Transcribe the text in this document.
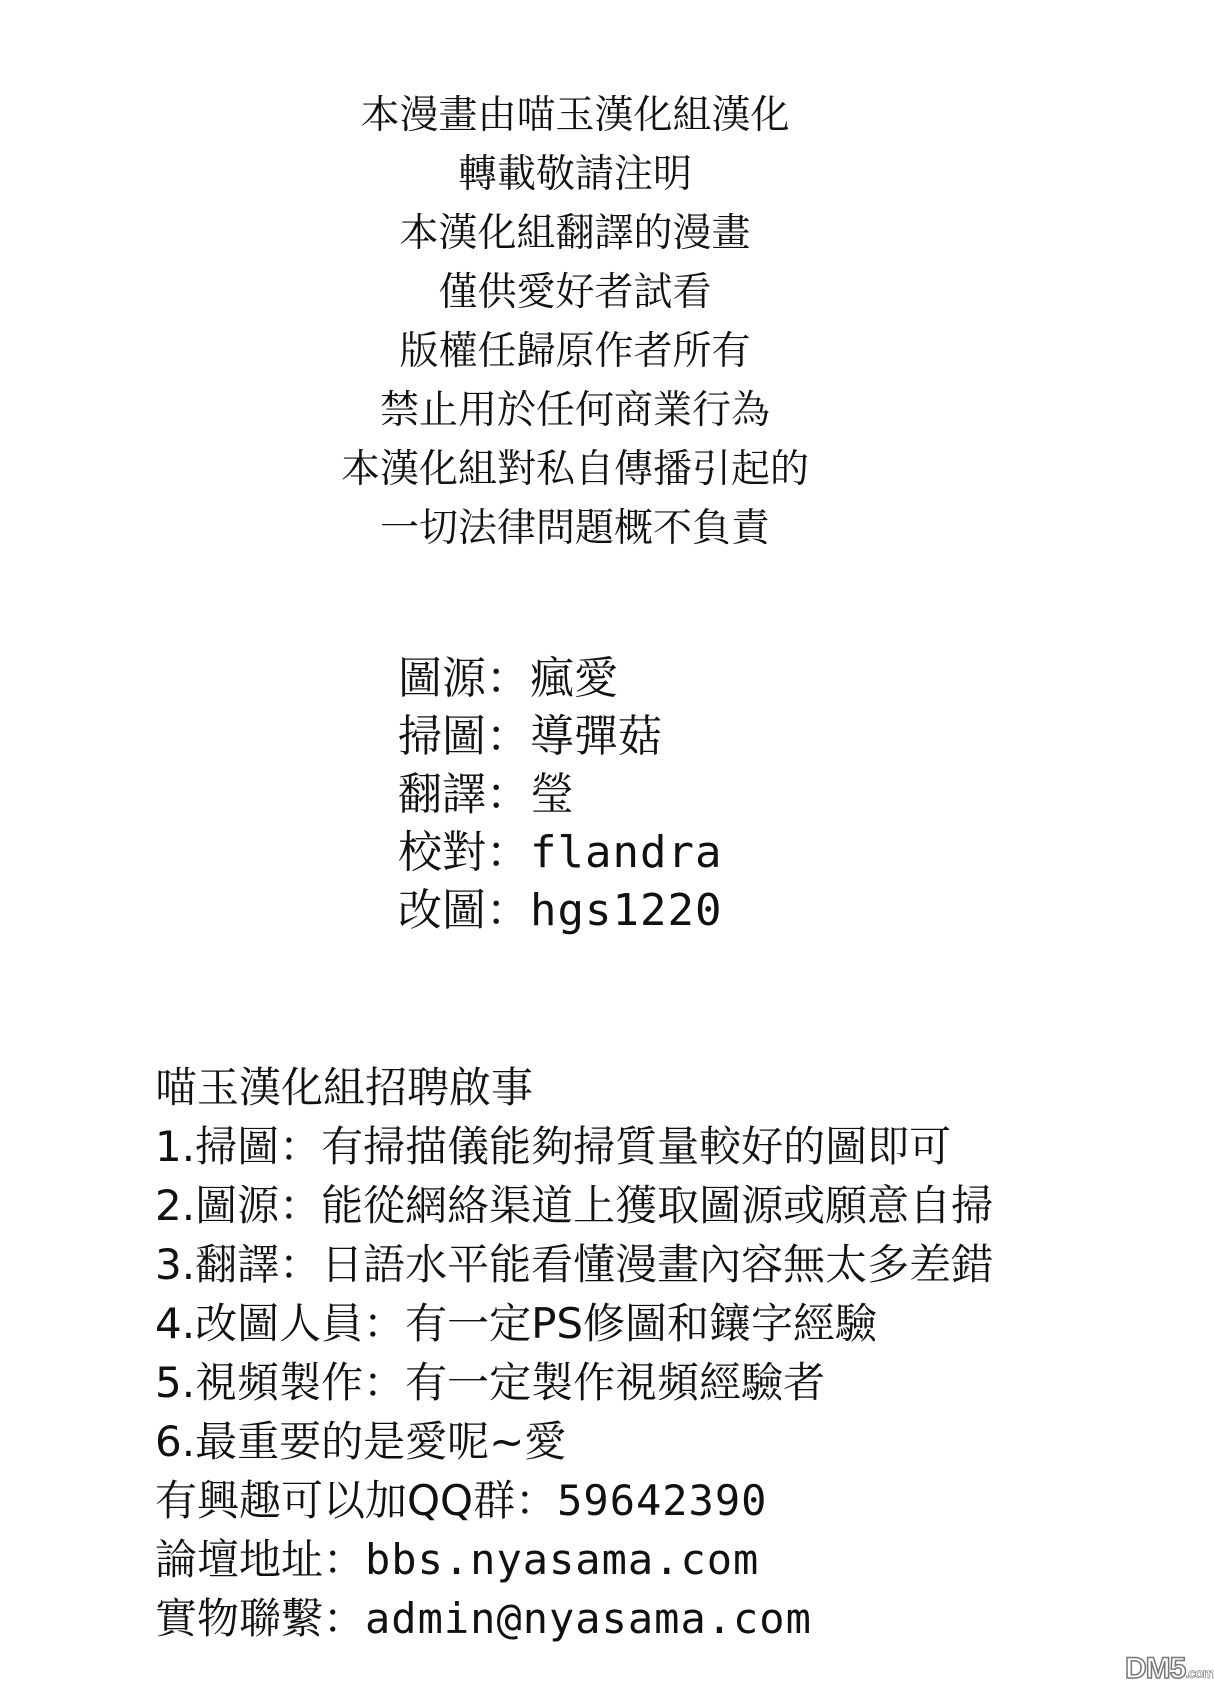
本漫畫由喵玉漢化組漢化
轉載敬請注明
本漢化組翻譯的漫畫
僅供愛好者試看
版權任歸原作者所有
禁止用於任何商業行為
本漢化組對私自傳播引起的
一切法律問題概不負責
圖源：瘋愛
掃圖：導彈菇
翻譯：瑩
校對：flandra
改圖：hgs1220
喵玉漢化組招聘啟事
1.掃圖：有掃描儀能夠掃質量較好的圖即可
2.圖源：能從網絡渠道上獲取圖源或願意自掃
3.翻譯：日語水平能看懂漫畫內容無太多差錯
4.改圖人員：有一定PS修圖和鑲字經驗
5.視頻製作：有一定製作視頻經驗者
6.最重要的是愛呢~愛
有興趣可以加QQ群：59642390
論壇地址：bbs.nyasama.com
實物聯繫：admin@nyasama.com
DM5.com
